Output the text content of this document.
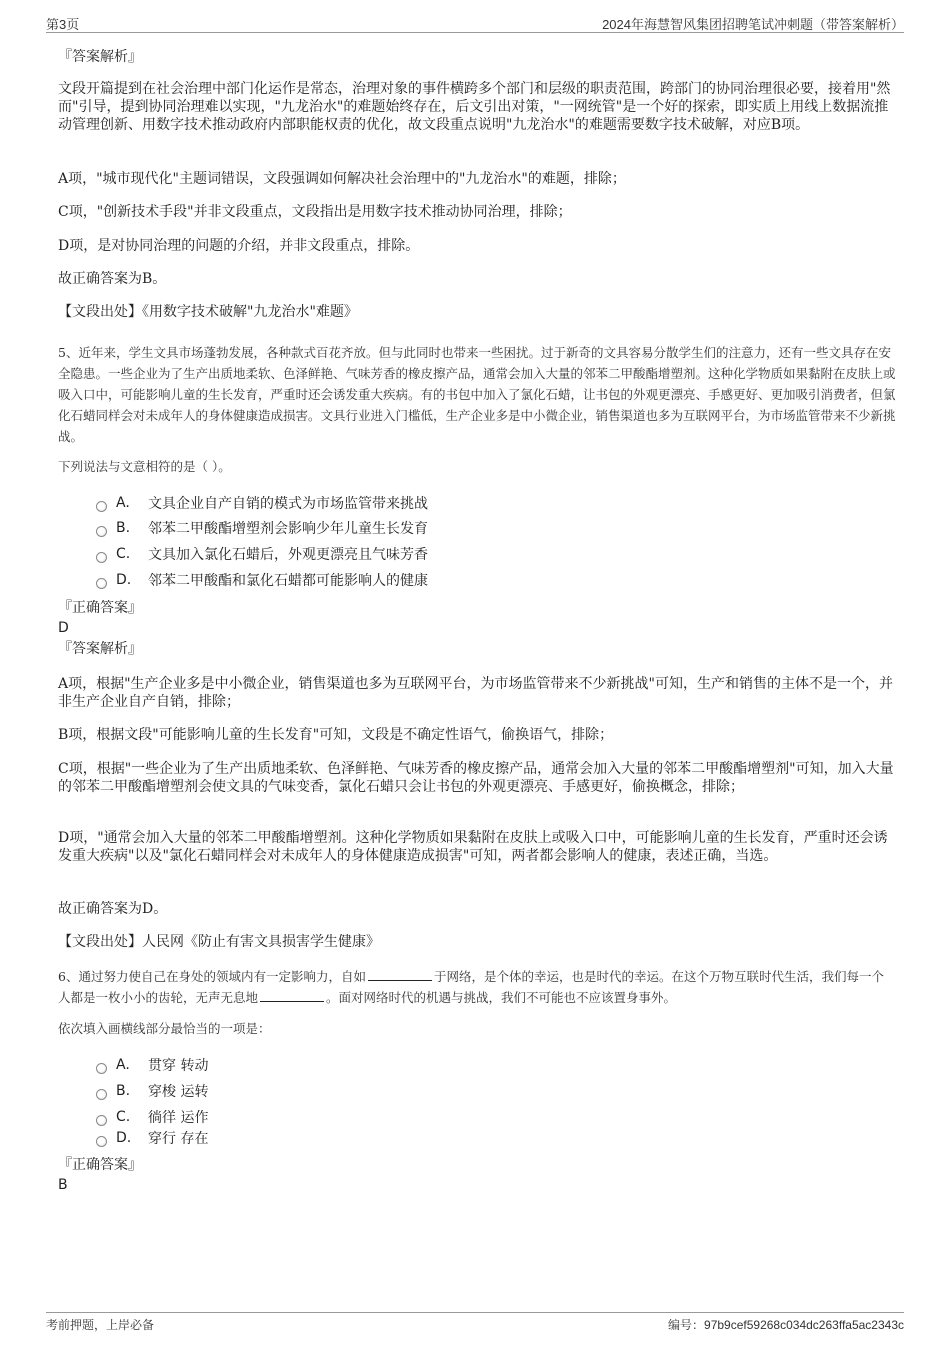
第3页	2024年海慧智风集团招聘笔试冲刺题（带答案解析）
『答案解析』
文段开篇提到在社会治理中部门化运作是常态，治理对象的事件横跨多个部门和层级的职责范围，跨部门的协同治理很必要，接着用"然而"引导，提到协同治理难以实现，"九龙治水"的难题始终存在，后文引出对策，"一网统管"是一个好的探索，即实质上用线上数据流推动管理创新、用数字技术推动政府内部职能权责的优化，故文段重点说明"九龙治水"的难题需要数字技术破解，对应B项。
A项，"城市现代化"主题词错误，文段强调如何解决社会治理中的"九龙治水"的难题，排除；
C项，"创新技术手段"并非文段重点，文段指出是用数字技术推动协同治理，排除；
D项，是对协同治理的问题的介绍，并非文段重点，排除。
故正确答案为B。
【文段出处】《用数字技术破解"九龙治水"难题》
5、近年来，学生文具市场蓬勃发展，各种款式百花齐放。但与此同时也带来一些困扰。过于新奇的文具容易分散学生们的注意力，还有一些文具存在安全隐患。一些企业为了生产出质地柔软、色泽鲜艳、气味芳香的橡皮擦产品，通常会加入大量的邻苯二甲酸酯增塑剂。这种化学物质如果黏附在皮肤上或吸入口中，可能影响儿童的生长发育，严重时还会诱发重大疾病。有的书包中加入了氯化石蜡，让书包的外观更漂亮、手感更好、更加吸引消费者，但氯化石蜡同样会对未成年人的身体健康造成损害。文具行业进入门槛低，生产企业多是中小微企业，销售渠道也多为互联网平台，为市场监管带来不少新挑战。
下列说法与文意相符的是（ ）。
A.	文具企业自产自销的模式为市场监管带来挑战
B.	邻苯二甲酸酯增塑剂会影响少年儿童生长发育
C.	文具加入氯化石蜡后，外观更漂亮且气味芳香
D.	邻苯二甲酸酯和氯化石蜡都可能影响人的健康
『正确答案』
D
『答案解析』
A项，根据"生产企业多是中小微企业，销售渠道也多为互联网平台，为市场监管带来不少新挑战"可知，生产和销售的主体不是一个，并非生产企业自产自销，排除；
B项，根据文段"可能影响儿童的生长发育"可知，文段是不确定性语气，偷换语气，排除；
C项，根据"一些企业为了生产出质地柔软、色泽鲜艳、气味芳香的橡皮擦产品，通常会加入大量的邻苯二甲酸酯增塑剂"可知，加入大量的邻苯二甲酸酯增塑剂会使文具的气味变香，氯化石蜡只会让书包的外观更漂亮、手感更好，偷换概念，排除；
D项，"通常会加入大量的邻苯二甲酸酯增塑剂。这种化学物质如果黏附在皮肤上或吸入口中，可能影响儿童的生长发育，严重时还会诱发重大疾病"以及"氯化石蜡同样会对未成年人的身体健康造成损害"可知，两者都会影响人的健康，表述正确，当选。
故正确答案为D。
【文段出处】人民网《防止有害文具损害学生健康》
6、通过努力使自己在身处的领域内有一定影响力，自如	于网络，是个体的幸运，也是时代的幸运。在这个万物互联时代生活，我们每一个人都是一枚小小的齿轮，无声无息地	。面对网络时代的机遇与挑战，我们不可能也不应该置身事外。
依次填入画横线部分最恰当的一项是：
A.	贯穿 转动
B.	穿梭 运转
C.	徜徉 运作
D.	穿行 存在
『正确答案』
B
考前押题，上岸必备	编号：97b9cef59268c034dc263ffa5ac2343c
